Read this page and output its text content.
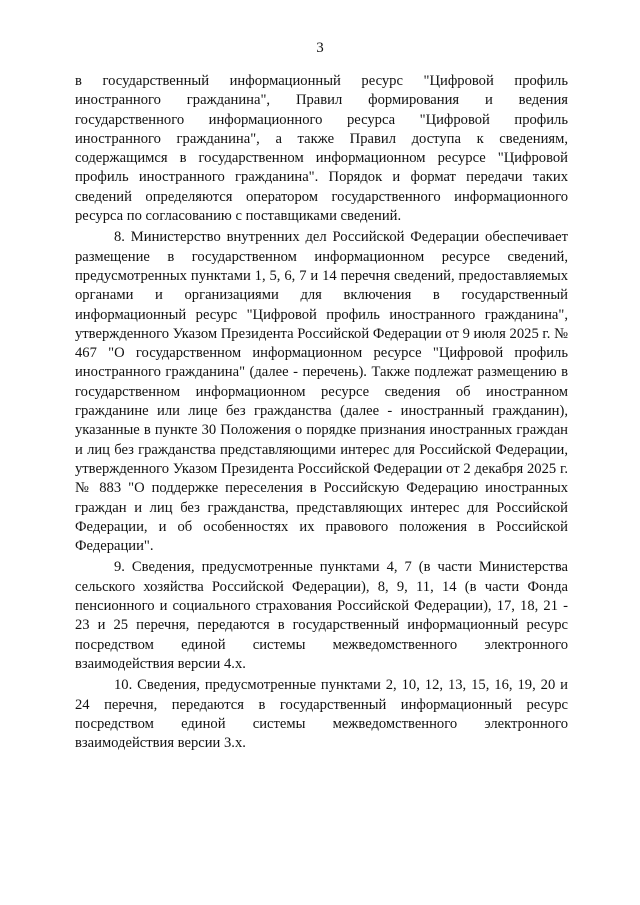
3

в государственный информационный ресурс "Цифровой профиль иностранного гражданина", Правил формирования и ведения государственного информационного ресурса "Цифровой профиль иностранного гражданина", а также Правил доступа к сведениям, содержащимся в государственном информационном ресурсе "Цифровой профиль иностранного гражданина". Порядок и формат передачи таких сведений определяются оператором государственного информационного ресурса по согласованию с поставщиками сведений.

8. Министерство внутренних дел Российской Федерации обеспечивает размещение в государственном информационном ресурсе сведений, предусмотренных пунктами 1, 5, 6, 7 и 14 перечня сведений, предоставляемых органами и организациями для включения в государственный информационный ресурс "Цифровой профиль иностранного гражданина", утвержденного Указом Президента Российской Федерации от 9 июля 2025 г. № 467 "О государственном информационном ресурсе "Цифровой профиль иностранного гражданина" (далее - перечень). Также подлежат размещению в государственном информационном ресурсе сведения об иностранном гражданине или лице без гражданства (далее - иностранный гражданин), указанные в пункте 30 Положения о порядке признания иностранных граждан и лиц без гражданства представляющими интерес для Российской Федерации, утвержденного Указом Президента Российской Федерации от 2 декабря 2025 г. № 883 "О поддержке переселения в Российскую Федерацию иностранных граждан и лиц без гражданства, представляющих интерес для Российской Федерации, и об особенностях их правового положения в Российской Федерации".

9. Сведения, предусмотренные пунктами 4, 7 (в части Министерства сельского хозяйства Российской Федерации), 8, 9, 11, 14 (в части Фонда пенсионного и социального страхования Российской Федерации), 17, 18, 21 - 23 и 25 перечня, передаются в государственный информационный ресурс посредством единой системы межведомственного электронного взаимодействия версии 4.х.

10. Сведения, предусмотренные пунктами 2, 10, 12, 13, 15, 16, 19, 20 и 24 перечня, передаются в государственный информационный ресурс посредством единой системы межведомственного электронного взаимодействия версии 3.х.
